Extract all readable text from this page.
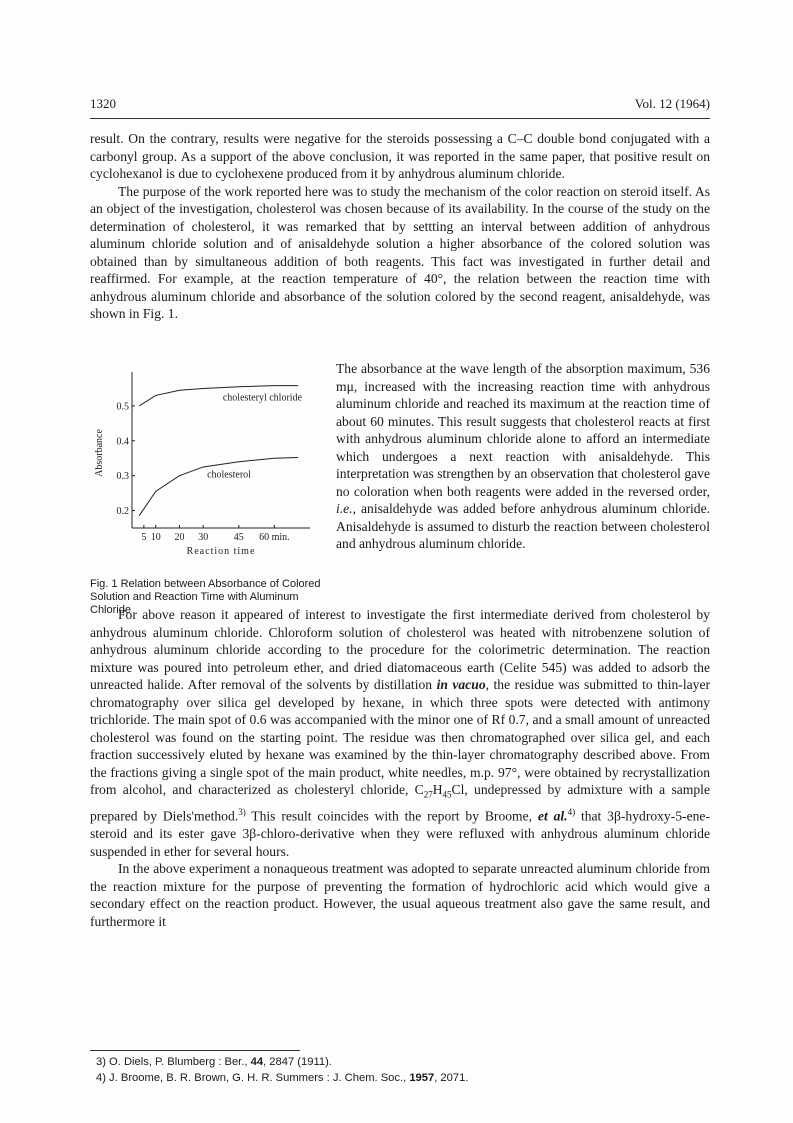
1320	Vol. 12 (1964)

result. On the contrary, results were negative for the steroids possessing a C–C double bond conjugated with a carbonyl group. As a support of the above conclusion, it was reported in the same paper, that positive result on cyclohexanol is due to cyclohexene produced from it by anhydrous aluminum chloride.

The purpose of the work reported here was to study the mechanism of the color reaction on steroid itself. As an object of the investigation, cholesterol was chosen because of its availability. In the course of the study on the determination of cholesterol, it was remarked that by settting an interval between addition of anhydrous aluminum chloride solution and of anisaldehyde solution a higher absorbance of the colored solution was obtained than by simultaneous addition of both reagents. This fact was investigated in further detail and reaffirmed. For example, at the reaction temperature of 40°, the relation between the reaction time with anhydrous aluminum chloride and absorbance of the solution colored by the second reagent, anisaldehyde, was shown in Fig. 1.

0.5
0.4
0.3
0.2
5 10 20 30	45 60 min.
Reaction time
Absorbance
cholesteryl chloride
cholesterol
Fig. 1 Relation between Absorbance of Colored Solution and Reaction Time with Aluminum Chloride

The absorbance at the wave length of the absorption maximum, 536 mμ, increased with the increasing reaction time with anhydrous aluminum chloride and reached its maximum at the reaction time of about 60 minutes. This result suggests that cholesterol reacts at first with anhydrous aluminum chloride alone to afford an intermediate which undergoes a next reaction with anisaldehyde. This interpretation was strengthen by an observation that cholesterol gave no coloration when both reagents were added in the reversed order, i.e., anisaldehyde was added before anhydrous aluminum chloride. Anisaldehyde is assumed to disturb the reaction between cholesterol and anhydrous aluminum chloride.

For above reason it appeared of interest to investigate the first intermediate derived from cholesterol by anhydrous aluminum chloride. Chloroform solution of cholesterol was heated with nitrobenzene solution of anhydrous aluminum chloride according to the procedure for the colorimetric determination. The reaction mixture was poured into petroleum ether, and dried diatomaceous earth (Celite 545) was added to adsorb the unreacted halide. After removal of the solvents by distillation in vacuo, the residue was submitted to thin-layer chromatography over silica gel developed by hexane, in which three spots were detected with antimony trichloride. The main spot of 0.6 was accompanied with the minor one of Rf 0.7, and a small amount of unreacted cholesterol was found on the starting point. The residue was then chromatographed over silica gel, and each fraction successively eluted by hexane was examined by the thin-layer chromatography described above. From the fractions giving a single spot of the main product, white needles, m.p. 97°, were obtained by recrystallization from alcohol, and characterized as cholesteryl chloride, $C_{27}H_{45}Cl$, undepressed by admixture with a sample prepared by Diels'method.$^{3)}$ This result coincides with the report by Broome, et al.$^{4)}$ that 3β-hydroxy-5-ene-steroid and its ester gave 3β-chloro-derivative when they were refluxed with anhydrous aluminum chloride suspended in ether for several hours.

In the above experiment a nonaqueous treatment was adopted to separate unreacted aluminum chloride from the reaction mixture for the purpose of preventing the formation of hydrochloric acid which would give a secondary effect on the reaction product. However, the usual aqueous treatment also gave the same result, and furthermore it

3) O. Diels, P. Blumberg : Ber., 44, 2847 (1911).
4) J. Broome, B. R. Brown, G. H. R. Summers : J. Chem. Soc., 1957, 2071.
